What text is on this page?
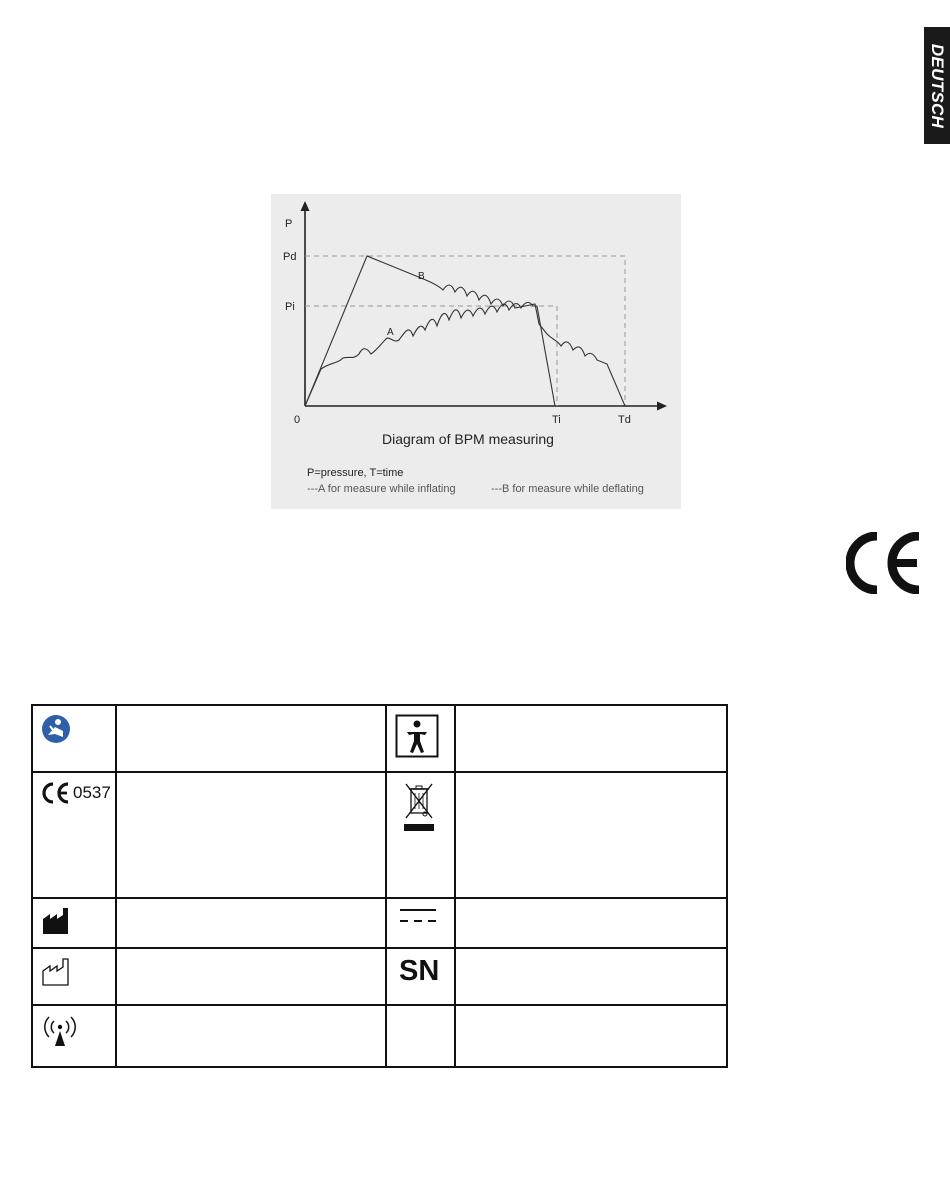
DEUTSCH
P
Pd
Pi
0	Ti	Td
A
B
Diagram of BPM measuring
P=pressure, T=time
---A for measure while inflating	---B for measure while deflating

0537

SN	
